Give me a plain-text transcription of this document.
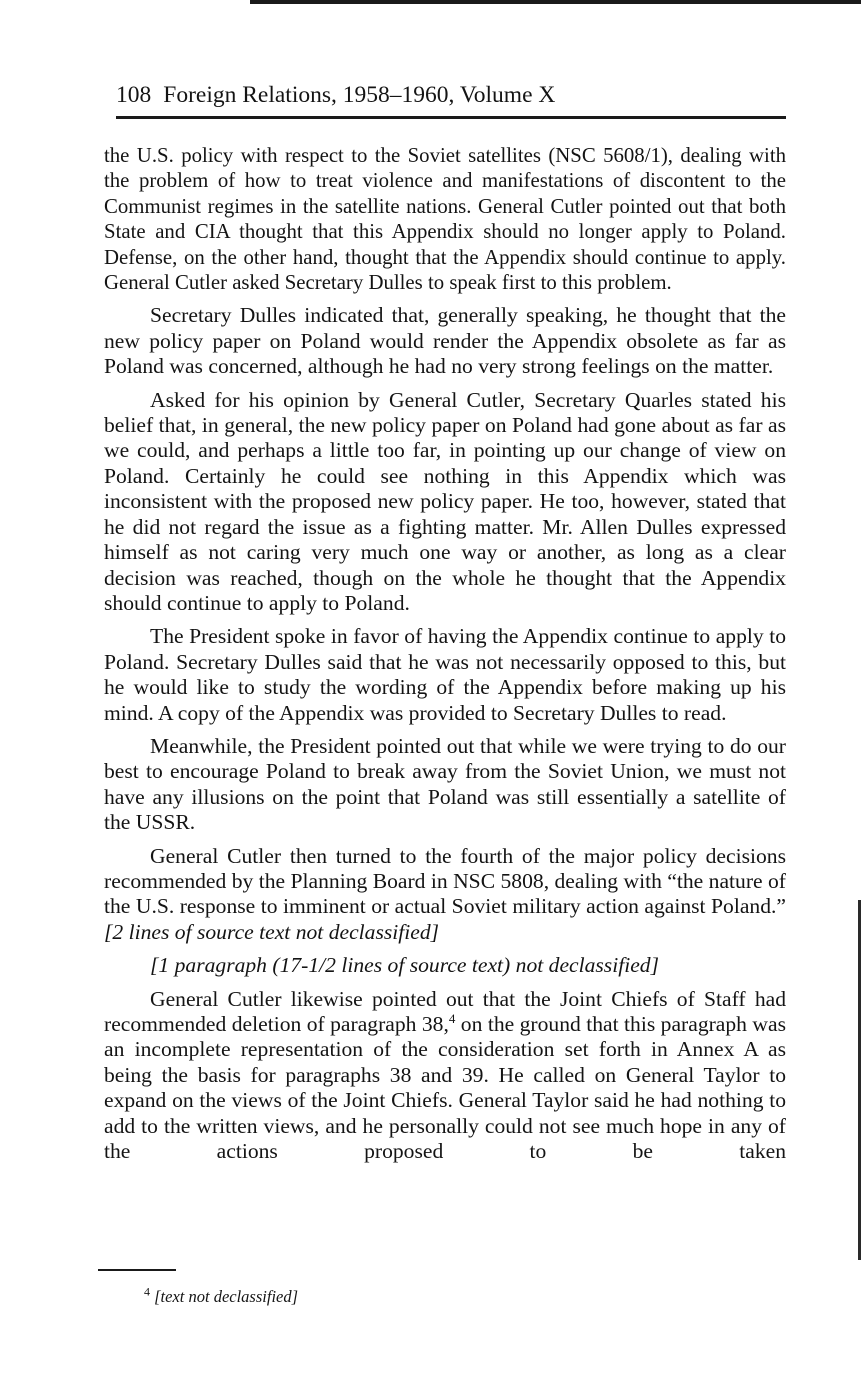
108 Foreign Relations, 1958–1960, Volume X

the U.S. policy with respect to the Soviet satellites (NSC 5608/1), dealing with the problem of how to treat violence and manifestations of discontent to the Communist regimes in the satellite nations. General Cutler pointed out that both State and CIA thought that this Appendix should no longer apply to Poland. Defense, on the other hand, thought that the Appendix should continue to apply. General Cutler asked Secretary Dulles to speak first to this problem.

Secretary Dulles indicated that, generally speaking, he thought that the new policy paper on Poland would render the Appendix obsolete as far as Poland was concerned, although he had no very strong feelings on the matter.

Asked for his opinion by General Cutler, Secretary Quarles stated his belief that, in general, the new policy paper on Poland had gone about as far as we could, and perhaps a little too far, in pointing up our change of view on Poland. Certainly he could see nothing in this Appendix which was inconsistent with the proposed new policy paper. He too, however, stated that he did not regard the issue as a fighting matter. Mr. Allen Dulles expressed himself as not caring very much one way or another, as long as a clear decision was reached, though on the whole he thought that the Appendix should continue to apply to Poland.

The President spoke in favor of having the Appendix continue to apply to Poland. Secretary Dulles said that he was not necessarily opposed to this, but he would like to study the wording of the Appendix before making up his mind. A copy of the Appendix was provided to Secretary Dulles to read.

Meanwhile, the President pointed out that while we were trying to do our best to encourage Poland to break away from the Soviet Union, we must not have any illusions on the point that Poland was still essentially a satellite of the USSR.

General Cutler then turned to the fourth of the major policy decisions recommended by the Planning Board in NSC 5808, dealing with “the nature of the U.S. response to imminent or actual Soviet military action against Poland.” [2 lines of source text not declassified]

[1 paragraph (17-1/2 lines of source text) not declassified]

General Cutler likewise pointed out that the Joint Chiefs of Staff had recommended deletion of paragraph 38,$^4$ on the ground that this paragraph was an incomplete representation of the consideration set forth in Annex A as being the basis for paragraphs 38 and 39. He called on General Taylor to expand on the views of the Joint Chiefs. General Taylor said he had nothing to add to the written views, and he personally could not see much hope in any of the actions proposed to be taken

$^4$ [text not declassified]
